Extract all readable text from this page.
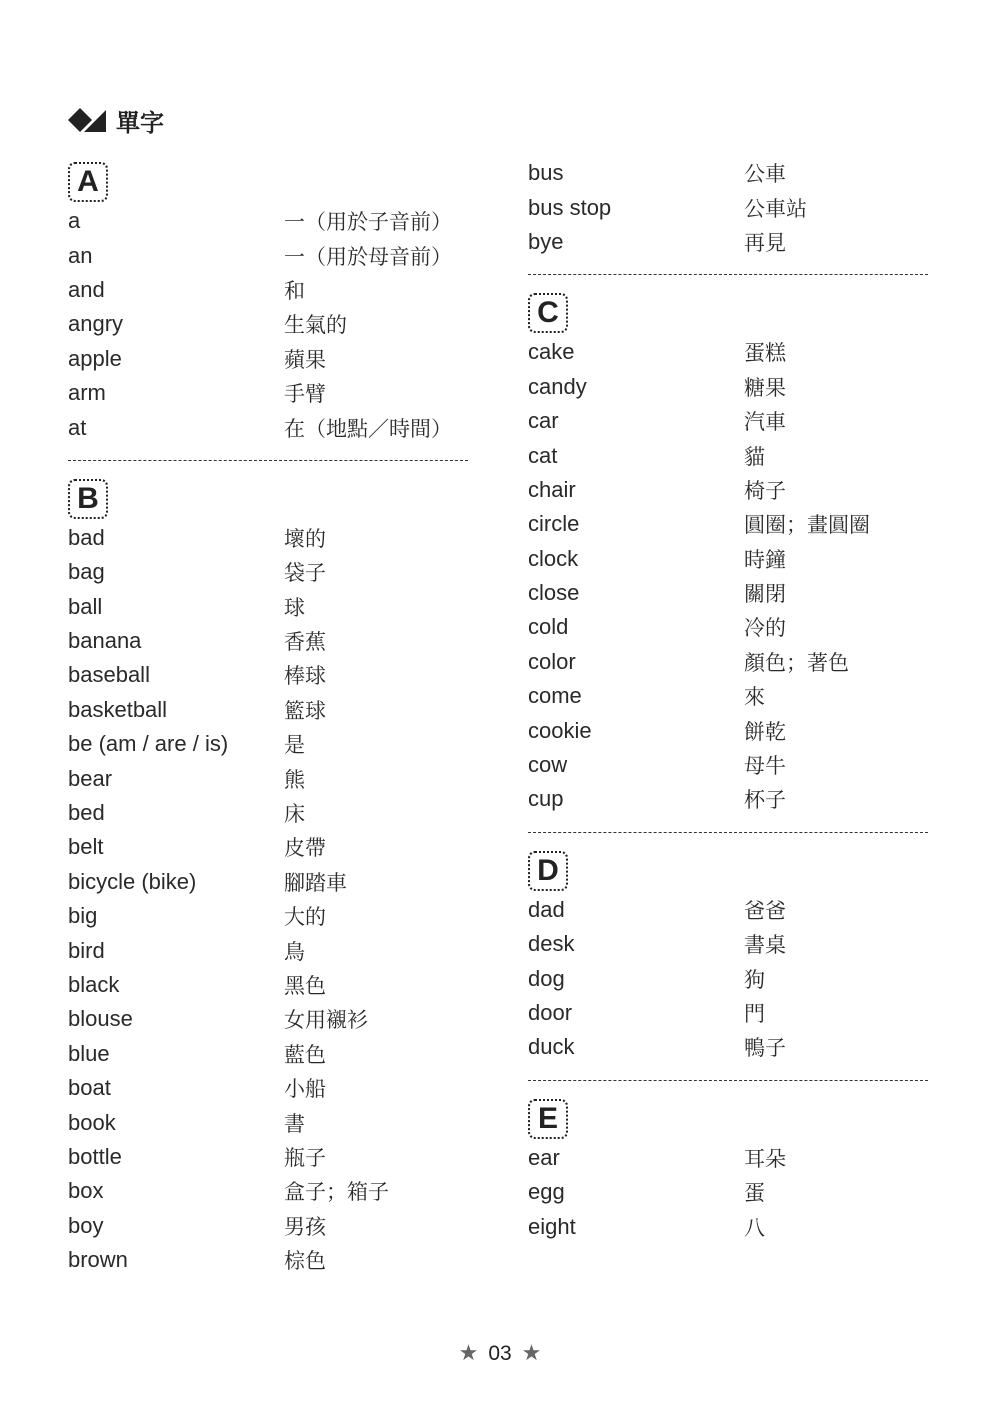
單字
A
a	一（用於子音前）
an	一（用於母音前）
and	和
angry	生氣的
apple	蘋果
arm	手臂
at	在（地點／時間）
B
bad	壞的
bag	袋子
ball	球
banana	香蕉
baseball	棒球
basketball	籃球
be (am / are / is)	是
bear	熊
bed	床
belt	皮帶
bicycle (bike)	腳踏車
big	大的
bird	鳥
black	黑色
blouse	女用襯衫
blue	藍色
boat	小船
book	書
bottle	瓶子
box	盒子；箱子
boy	男孩
brown	棕色
bus	公車
bus stop	公車站
bye	再見
C
cake	蛋糕
candy	糖果
car	汽車
cat	貓
chair	椅子
circle	圓圈；畫圓圈
clock	時鐘
close	關閉
cold	冷的
color	顏色；著色
come	來
cookie	餅乾
cow	母牛
cup	杯子
D
dad	爸爸
desk	書桌
dog	狗
door	門
duck	鴨子
E
ear	耳朵
egg	蛋
eight	八
★ 03 ★
